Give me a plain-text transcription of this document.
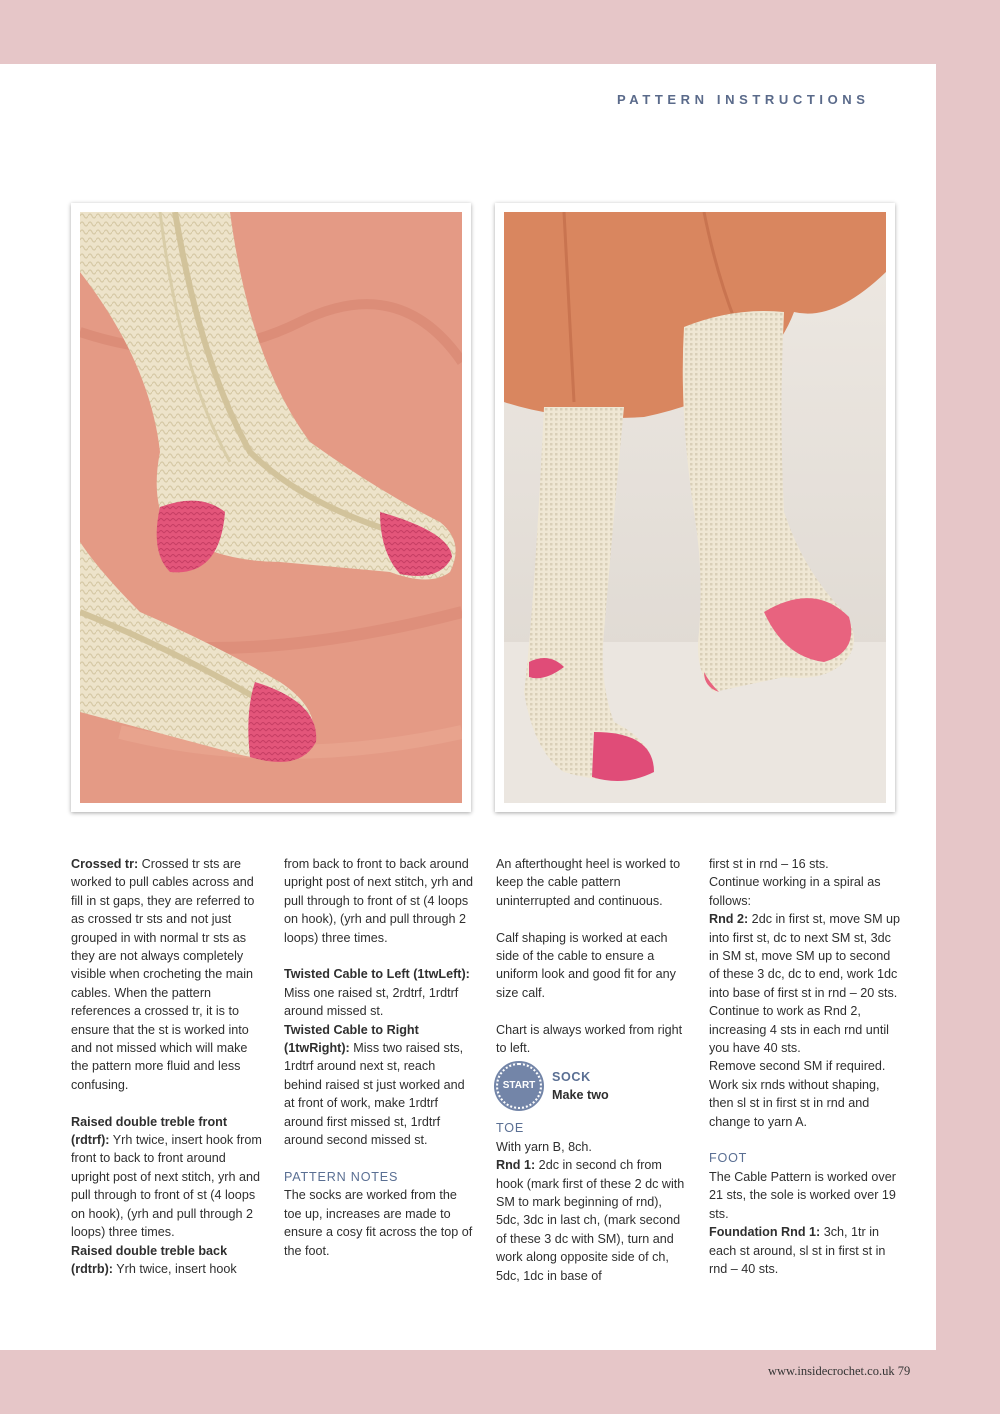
PATTERN INSTRUCTIONS

Crossed tr: Crossed tr sts are worked to pull cables across and fill in st gaps, they are referred to as crossed tr sts and not just grouped in with normal tr sts as they are not always completely visible when crocheting the main cables. When the pattern references a crossed tr, it is to ensure that the st is worked into and not missed which will make the pattern more fluid and less confusing.

Raised double treble front (rdtrf): Yrh twice, insert hook from front to back to front around upright post of next stitch, yrh and pull through to front of st (4 loops on hook), (yrh and pull through 2 loops) three times.

Raised double treble back (rdtrb): Yrh twice, insert hook

from back to front to back around upright post of next stitch, yrh and pull through to front of st (4 loops on hook), (yrh and pull through 2 loops) three times.

Twisted Cable to Left (1twLeft): Miss one raised st, 2rdtrf, 1rdtrf around missed st.

Twisted Cable to Right (1twRight): Miss two raised sts, 1rdtrf around next st, reach behind raised st just worked and at front of work, make 1rdtrf around first missed st, 1rdtrf around second missed st.

PATTERN NOTES

The socks are worked from the toe up, increases are made to ensure a cosy fit across the top of the foot.

An afterthought heel is worked to keep the cable pattern uninterrupted and continuous.

Calf shaping is worked at each side of the cable to ensure a uniform look and good fit for any size calf.

Chart is always worked from right to left.

START
SOCK
Make two

TOE

With yarn B, 8ch.

Rnd 1: 2dc in second ch from hook (mark first of these 2 dc with SM to mark beginning of rnd), 5dc, 3dc in last ch, (mark second of these 3 dc with SM), turn and work along opposite side of ch, 5dc, 1dc in base of

first st in rnd – 16 sts.

Continue working in a spiral as follows:

Rnd 2: 2dc in first st, move SM up into first st, dc to next SM st, 3dc in SM st, move SM up to second of these 3 dc, dc to end, work 1dc into base of first st in rnd – 20 sts.

Continue to work as Rnd 2, increasing 4 sts in each rnd until you have 40 sts.

Remove second SM if required. Work six rnds without shaping, then sl st in first st in rnd and change to yarn A.

FOOT

The Cable Pattern is worked over 21 sts, the sole is worked over 19 sts.

Foundation Rnd 1: 3ch, 1tr in each st around, sl st in first st in rnd – 40 sts.

www.insidecrochet.co.uk 79
